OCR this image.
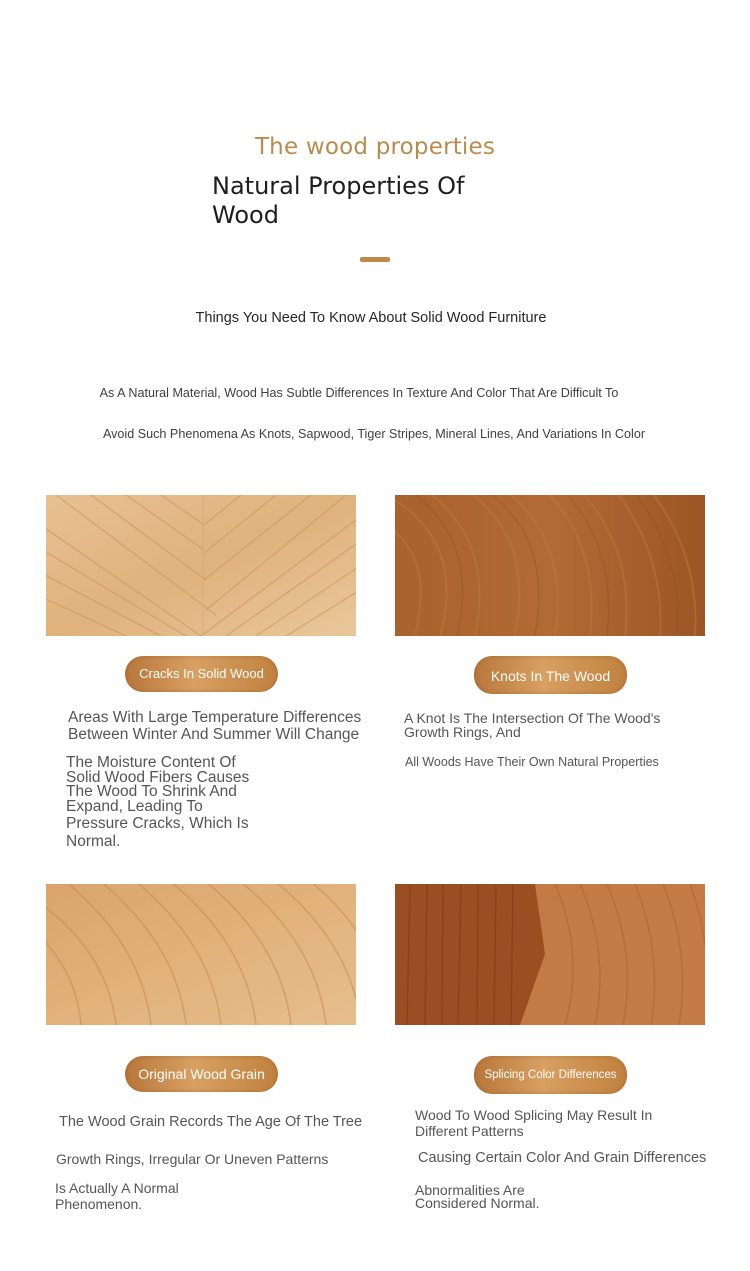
The wood properties
Natural Properties Of
Wood
Things You Need To Know About Solid Wood Furniture
As A Natural Material, Wood Has Subtle Differences In Texture And Color That Are Difficult To
Avoid Such Phenomena As Knots, Sapwood, Tiger Stripes, Mineral Lines, And Variations In Color
Cracks In Solid Wood
Areas With Large Temperature Differences
Between Winter And Summer Will Change
The Moisture Content Of
Solid Wood Fibers Causes
The Wood To Shrink And
Expand, Leading To
Pressure Cracks, Which Is
Normal.
Knots In The Wood
A Knot Is The Intersection Of The Wood's
Growth Rings, And
All Woods Have Their Own Natural Properties
Original Wood Grain
The Wood Grain Records The Age Of The Tree
Growth Rings, Irregular Or Uneven Patterns
Is Actually A Normal
Phenomenon.
Splicing Color Differences
Wood To Wood Splicing May Result In
Different Patterns
Causing Certain Color And Grain Differences
Abnormalities Are
Considered Normal.
